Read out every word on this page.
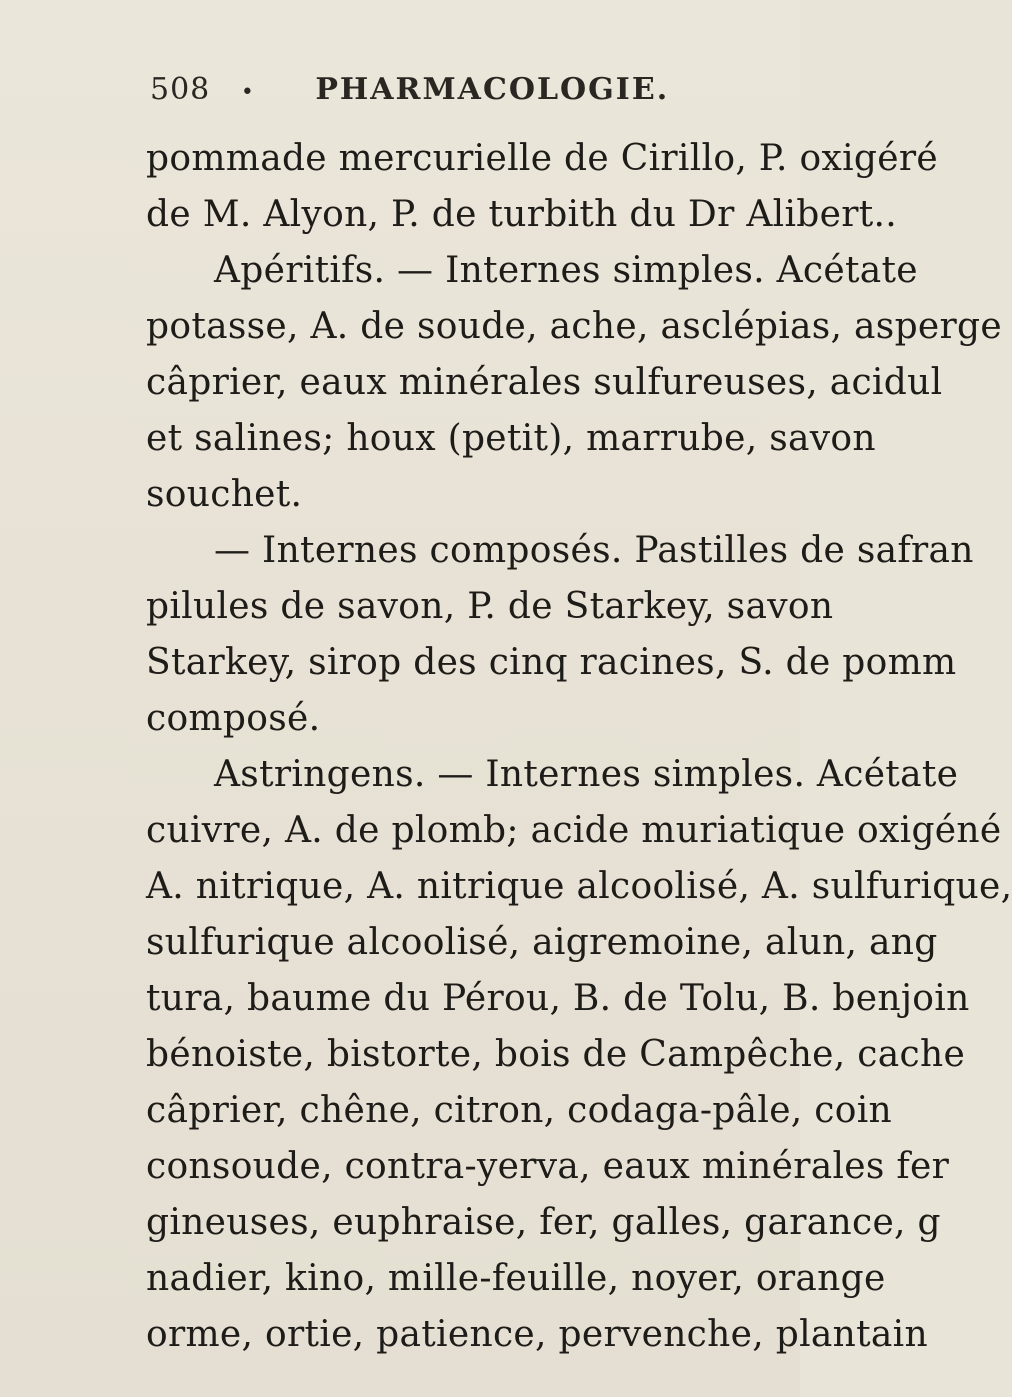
508 • PHARMACOLOGIE.
pommade mercurielle de Cirillo, P. oxigéré
de M. Alyon, P. de turbith du Dr Alibert..
Apéritifs. — Internes simples. Acétate
potasse, A. de soude, ache, asclépias, asperge
câprier, eaux minérales sulfureuses, acidul
et salines; houx (petit), marrube, savon
souchet.
— Internes composés. Pastilles de safran
pilules de savon, P. de Starkey, savon
Starkey, sirop des cinq racines, S. de pomm
composé.
Astringens. — Internes simples. Acétate
cuivre, A. de plomb; acide muriatique oxigéné
A. nitrique, A. nitrique alcoolisé, A. sulfurique,
sulfurique alcoolisé, aigremoine, alun, ang
tura, baume du Pérou, B. de Tolu, B. benjoin
bénoiste, bistorte, bois de Campêche, cache
câprier, chêne, citron, codaga-pâle, coin
consoude, contra-yerva, eaux minérales fer
gineuses, euphraise, fer, galles, garance, g
nadier, kino, mille-feuille, noyer, orange
orme, ortie, patience, pervenche, plantain
